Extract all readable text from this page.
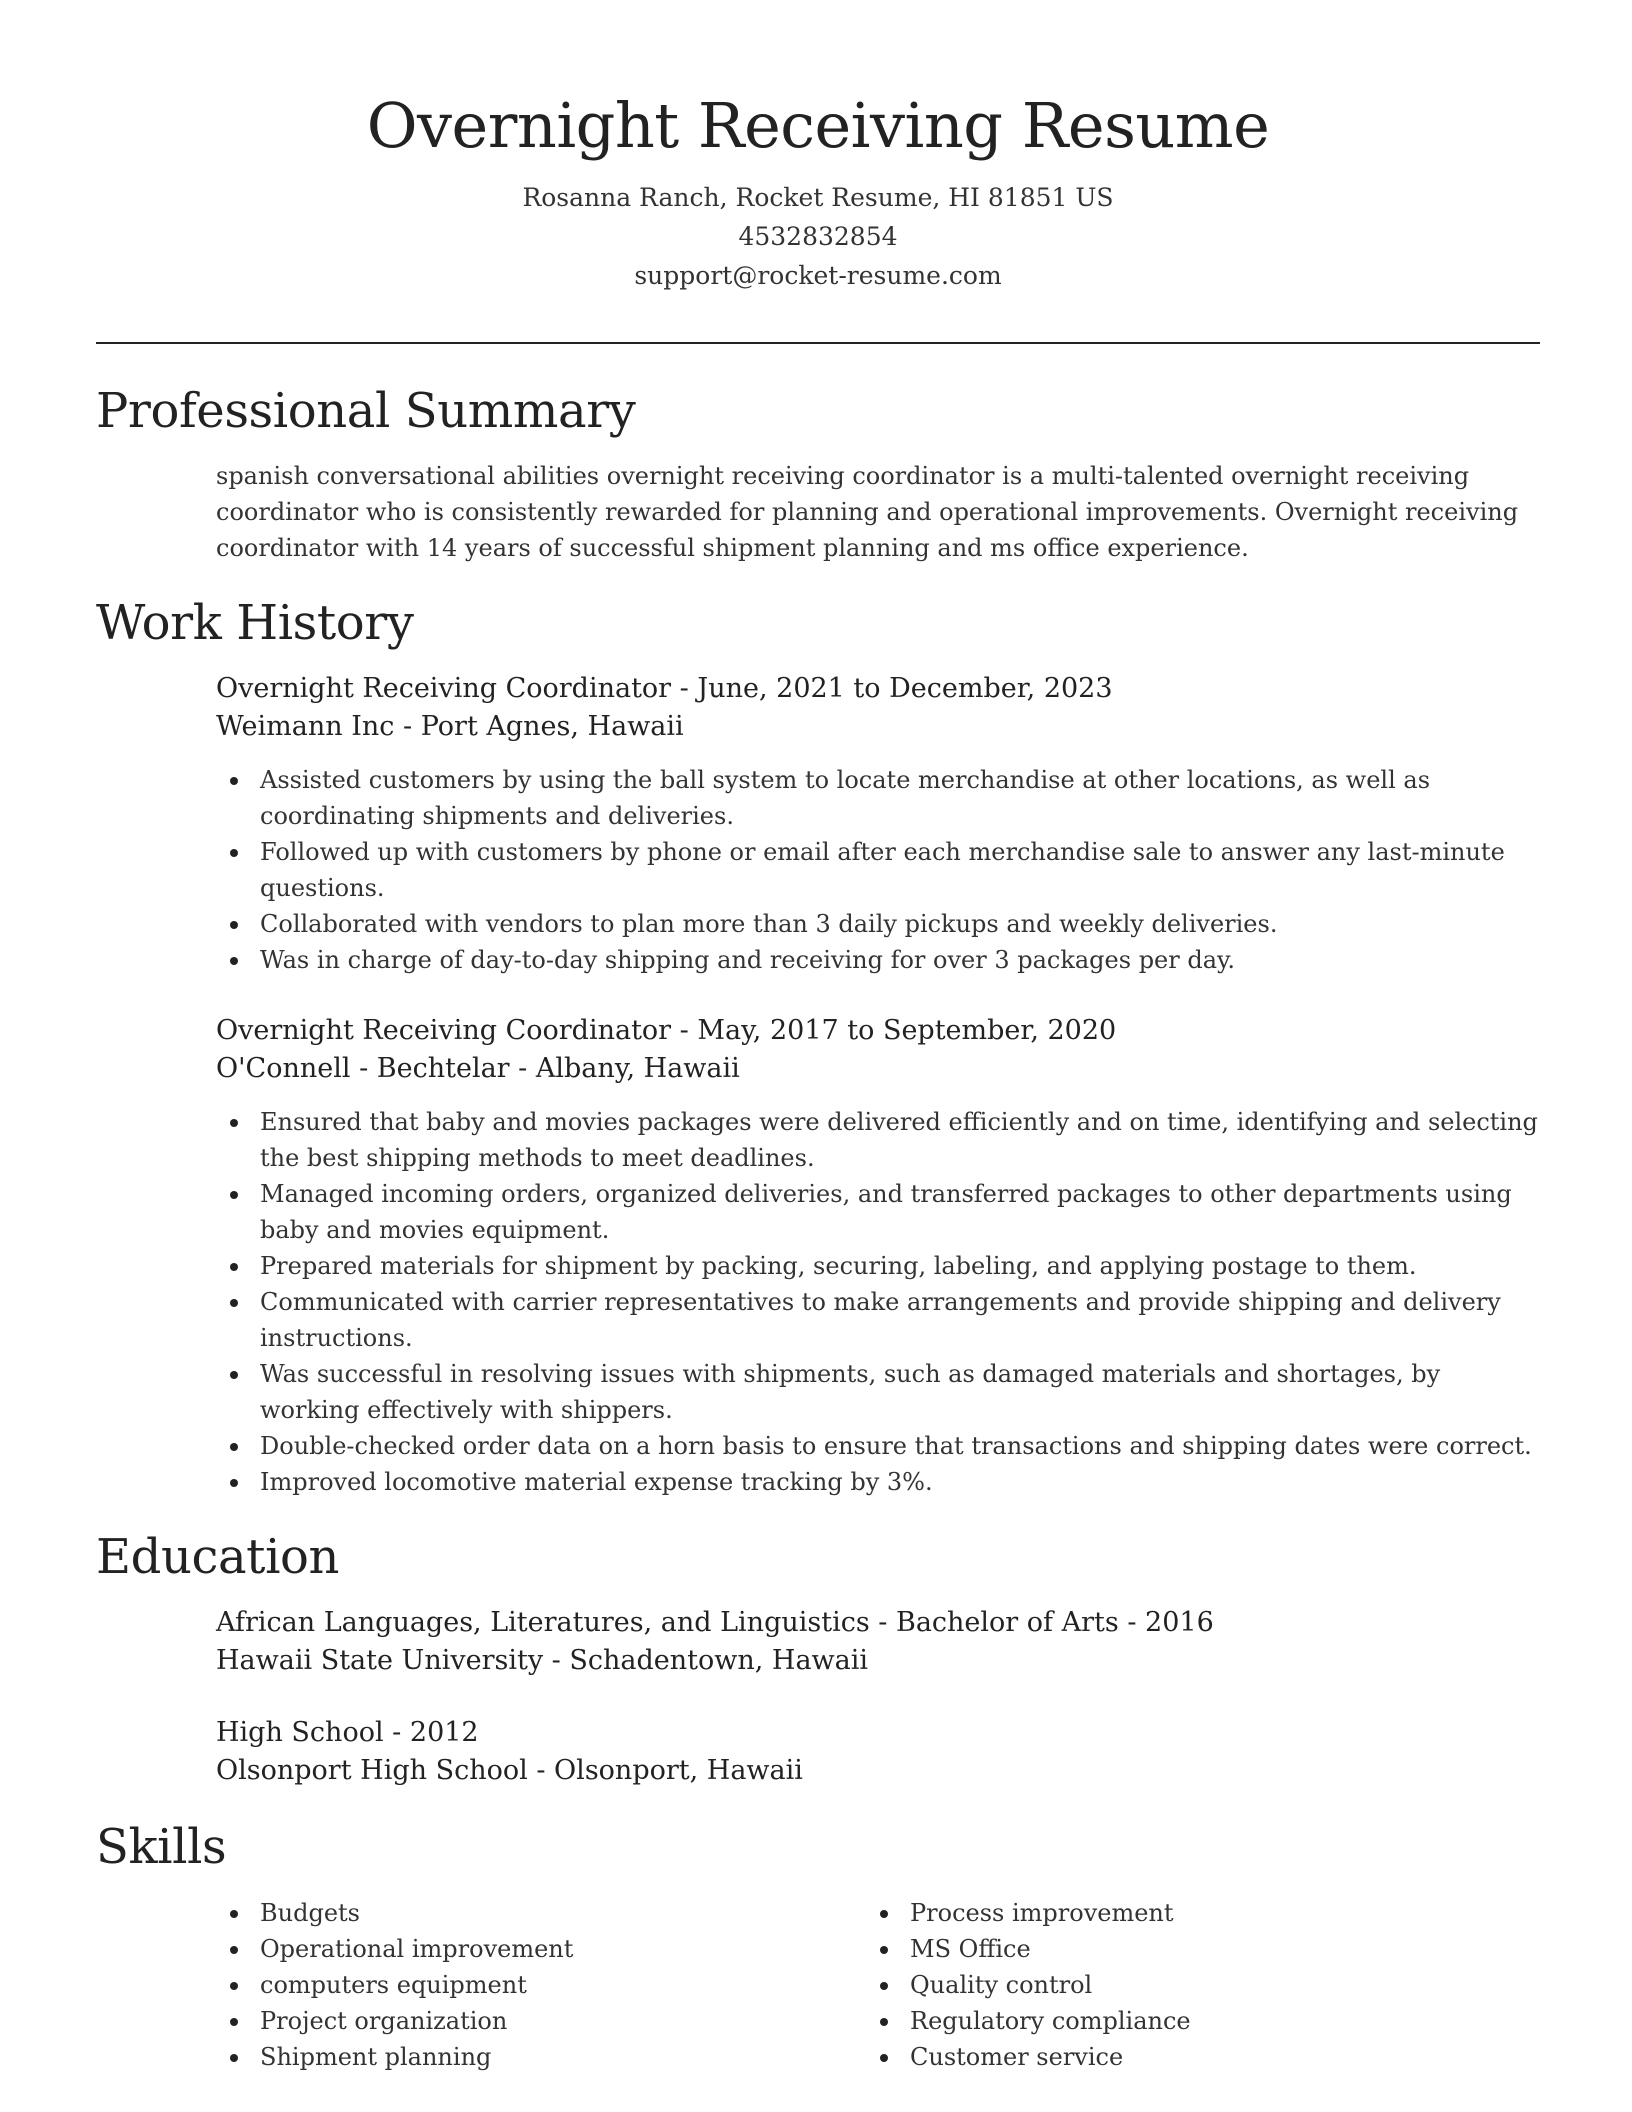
Overnight Receiving Resume
Rosanna Ranch, Rocket Resume, HI 81851 US
4532832854
support@rocket-resume.com
Professional Summary

spanish conversational abilities overnight receiving coordinator is a multi-talented overnight receiving coordinator who is consistently rewarded for planning and operational improvements. Overnight receiving coordinator with 14 years of successful shipment planning and ms office experience.

Work History
Overnight Receiving Coordinator - June, 2021 to December, 2023
Weimann Inc - Port Agnes, Hawaii
Assisted customers by using the ball system to locate merchandise at other locations, as well as coordinating shipments and deliveries.
Followed up with customers by phone or email after each merchandise sale to answer any last-minute questions.
Collaborated with vendors to plan more than 3 daily pickups and weekly deliveries.
Was in charge of day-to-day shipping and receiving for over 3 packages per day.
Overnight Receiving Coordinator - May, 2017 to September, 2020
O'Connell - Bechtelar - Albany, Hawaii
Ensured that baby and movies packages were delivered efficiently and on time, identifying and selecting the best shipping methods to meet deadlines.
Managed incoming orders, organized deliveries, and transferred packages to other departments using baby and movies equipment.
Prepared materials for shipment by packing, securing, labeling, and applying postage to them.
Communicated with carrier representatives to make arrangements and provide shipping and delivery instructions.
Was successful in resolving issues with shipments, such as damaged materials and shortages, by working effectively with shippers.
Double-checked order data on a horn basis to ensure that transactions and shipping dates were correct.
Improved locomotive material expense tracking by 3%.
Education
African Languages, Literatures, and Linguistics - Bachelor of Arts - 2016
Hawaii State University - Schadentown, Hawaii
High School - 2012
Olsonport High School - Olsonport, Hawaii
Skills
Budgets
Operational improvement
computers equipment
Project organization
Shipment planning
Process improvement
MS Office
Quality control
Regulatory compliance
Customer service
